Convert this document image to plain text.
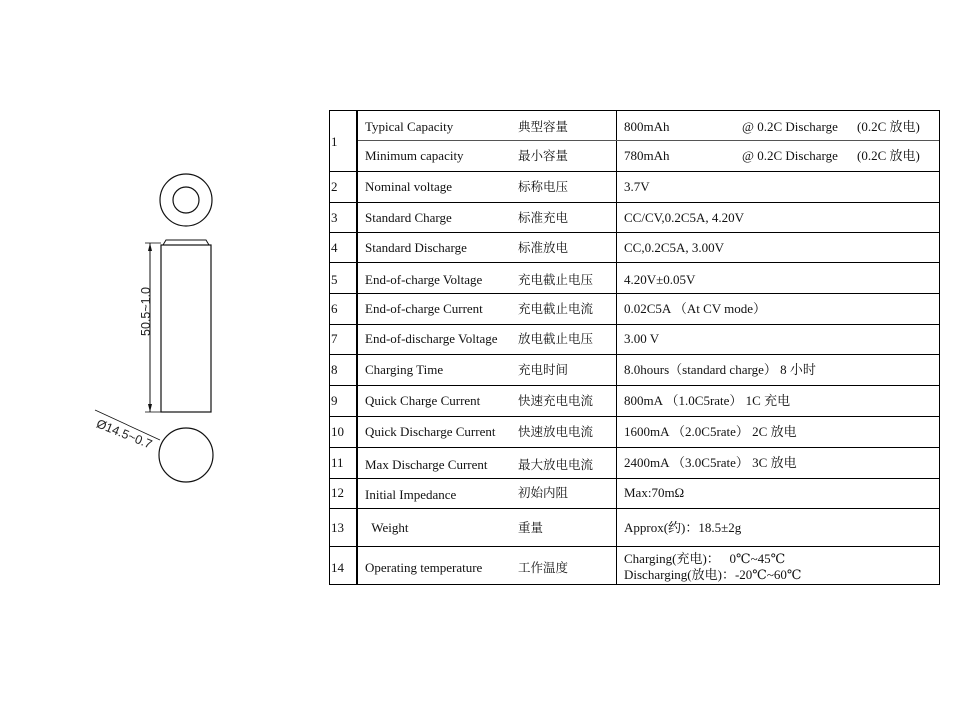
50.5~1.0
Ø14.5~0.7
1
Typical Capacity	典型容量	800mAh	@ 0.2C Discharge (0.2C 放电)
Minimum capacity	最小容量	780mAh	@ 0.2C Discharge (0.2C 放电)
2 Nominal voltage	标称电压	3.7V
3 Standard Charge	标准充电	CC/CV,0.2C5A, 4.20V
4 Standard Discharge	标准放电	CC,0.2C5A, 3.00V
5 End-of-charge Voltage	充电截止电压 4.20V±0.05V
6 End-of-charge Current	充电截止电流 0.02C5A （At CV mode）
7 End-of-discharge Voltage 放电截止电压 3.00 V
8 Charging Time	充电时间	8.0hours（standard charge） 8 小时
9 Quick Charge Current	快速充电电流 800mA （1.0C5rate） 1C 充电
10 Quick Discharge Current 快速放电电流 1600mA （2.0C5rate） 2C 放电
11 Max Discharge Current 最大放电电流 2400mA （3.0C5rate） 3C 放电
12 Initial Impedance	初始内阻	Max:70mΩ
13 Weight	重量	Approx(约)：18.5±2g
14 Operating temperature	工作温度
Charging(充电)：   0℃~45℃
Discharging(放电)：-20℃~60℃
